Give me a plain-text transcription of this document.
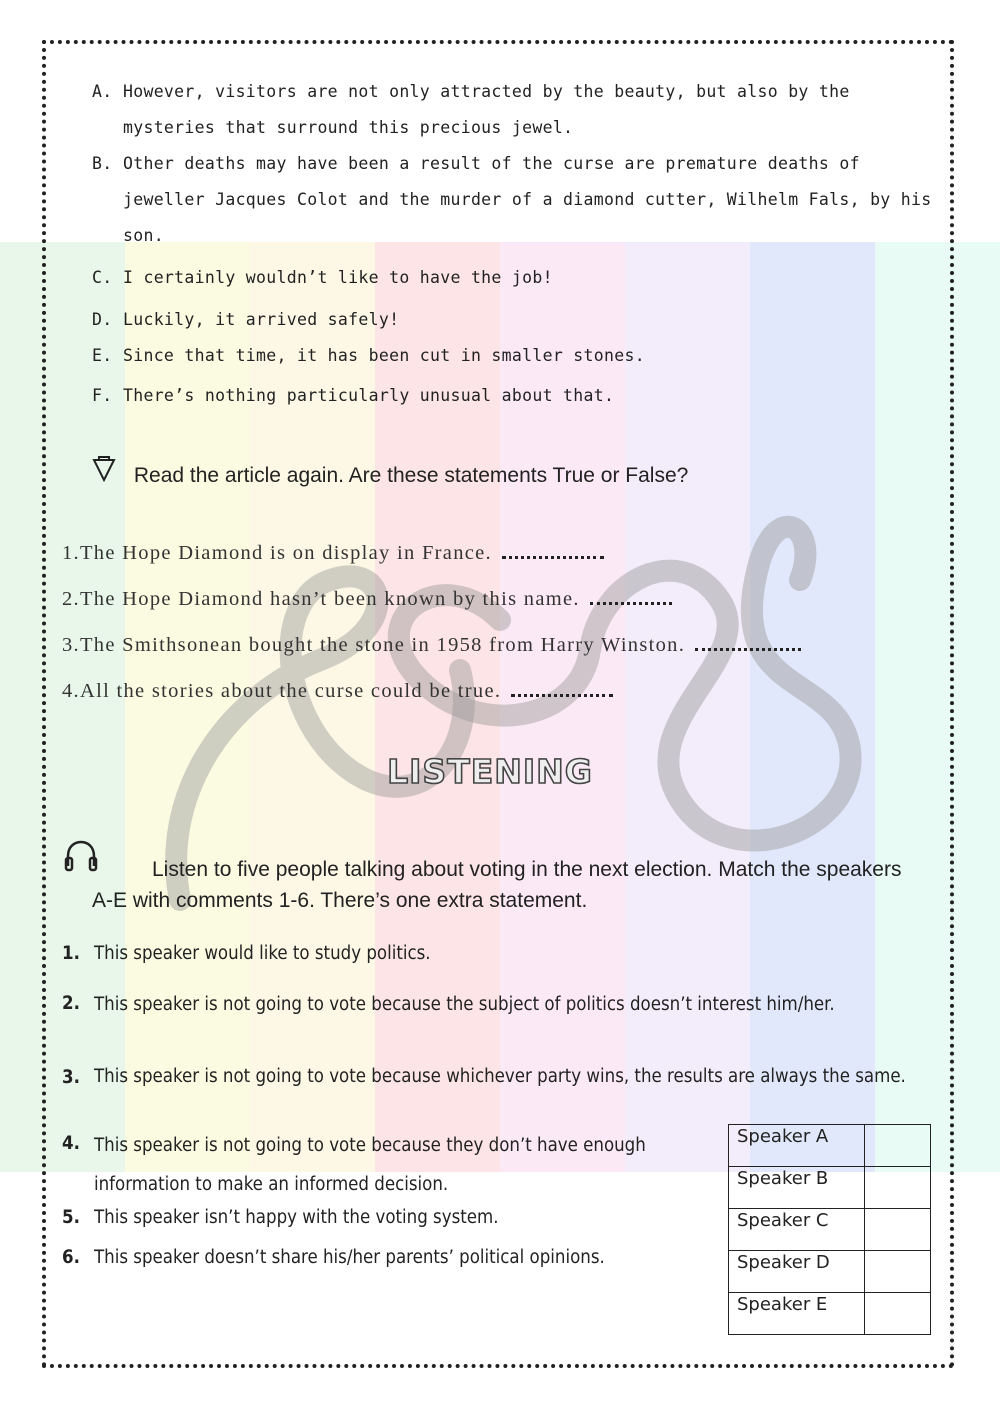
A. However, visitors are not only attracted by the beauty, but also by the mysteries that surround this precious jewel.
B. Other deaths may have been a result of the curse are premature deaths of jeweller Jacques Colot and the murder of a diamond cutter, Wilhelm Fals, by his son.
C. I certainly wouldn’t like to have the job!
D. Luckily, it arrived safely!
E. Since that time, it has been cut in smaller stones.
F. There’s nothing particularly unusual about that.
Read the article again. Are these statements True or False?
1.The Hope Diamond is on display in France.
2.The Hope Diamond hasn’t been known by this name.
3.The Smithsonean bought the stone in 1958 from Harry Winston.
4.All the stories about the curse could be true.
LISTENING
Listen to five people talking about voting in the next election. Match the speakers A-E with comments 1-6. There’s one extra statement.
1. This speaker would like to study politics.
2. This speaker is not going to vote because the subject of politics doesn’t interest him/her.
3. This speaker is not going to vote because whichever party wins, the results are always the same.
4. This speaker is not going to vote because they don’t have enough information to make an informed decision.
5. This speaker isn’t happy with the voting system.
6. This speaker doesn’t share his/her parents’ political opinions.
Speaker A	
Speaker B	
Speaker C	
Speaker D	
Speaker E	
